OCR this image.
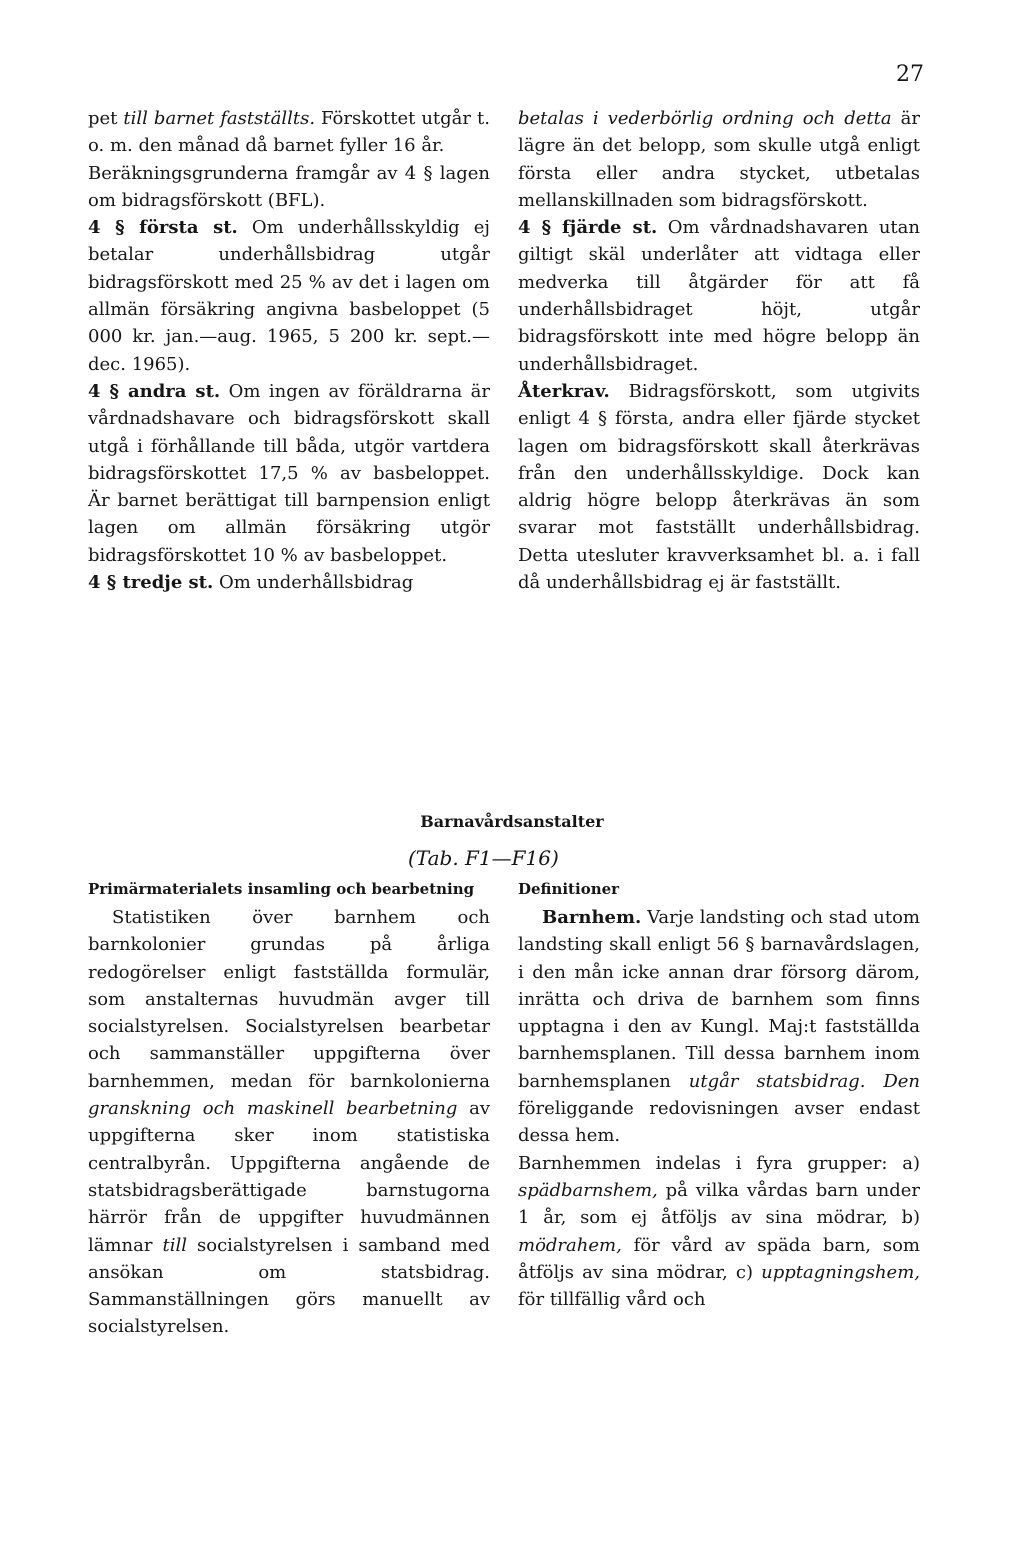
27

pet till barnet fastställts. Förskottet utgår t. o. m. den månad då barnet fyller 16 år.

Beräkningsgrunderna framgår av 4 § lagen om bidragsförskott (BFL).

4 § första st. Om underhållsskyldig ej betalar underhållsbidrag utgår bidragsförskott med 25 % av det i lagen om allmän försäkring angivna basbeloppet (5 000 kr. jan.—aug. 1965, 5 200 kr. sept.—dec. 1965).

4 § andra st. Om ingen av föräldrarna är vårdnadshavare och bidragsförskott skall utgå i förhållande till båda, utgör vartdera bidragsförskottet 17,5 % av basbeloppet. Är barnet berättigat till barnpension enligt lagen om allmän försäkring utgör bidragsförskottet 10 % av basbeloppet.

4 § tredje st. Om underhållsbidrag

betalas i vederbörlig ordning och detta är lägre än det belopp, som skulle utgå enligt första eller andra stycket, utbetalas mellanskillnaden som bidragsförskott.

4 § fjärde st. Om vårdnadshavaren utan giltigt skäl underlåter att vidtaga eller medverka till åtgärder för att få underhållsbidraget höjt, utgår bidragsförskott inte med högre belopp än underhållsbidraget.

Återkrav. Bidragsförskott, som utgivits enligt 4 § första, andra eller fjärde stycket lagen om bidragsförskott skall återkrävas från den underhållsskyldige. Dock kan aldrig högre belopp återkrävas än som svarar mot fastställt underhållsbidrag. Detta utesluter kravverksamhet bl. a. i fall då underhållsbidrag ej är fastställt.

Barnavårdsanstalter
(Tab. F1—F16)
Primärmaterialets insamling och bearbetning	Definitioner

Statistiken över barnhem och barnkolonier grundas på årliga redogörelser enligt fastställda formulär, som anstalternas huvudmän avger till socialstyrelsen. Socialstyrelsen bearbetar och sammanställer uppgifterna över barnhemmen, medan för barnkolonierna granskning och maskinell bearbetning av uppgifterna sker inom statistiska centralbyrån. Uppgifterna angående de statsbidragsberättigade barnstugorna härrör från de uppgifter huvudmännen lämnar till socialstyrelsen i samband med ansökan om statsbidrag. Sammanställningen görs manuellt av socialstyrelsen.

Barnhem. Varje landsting och stad utom landsting skall enligt 56 § barnavårdslagen, i den mån icke annan drar försorg därom, inrätta och driva de barnhem som finns upptagna i den av Kungl. Maj:t fastställda barnhemsplanen. Till dessa barnhem inom barnhemsplanen utgår statsbidrag. Den föreliggande redovisningen avser endast dessa hem.

Barnhemmen indelas i fyra grupper: a) spädbarnshem, på vilka vårdas barn under 1 år, som ej åtföljs av sina mödrar, b) mödrahem, för vård av späda barn, som åtföljs av sina mödrar, c) upptagningshem, för tillfällig vård och
